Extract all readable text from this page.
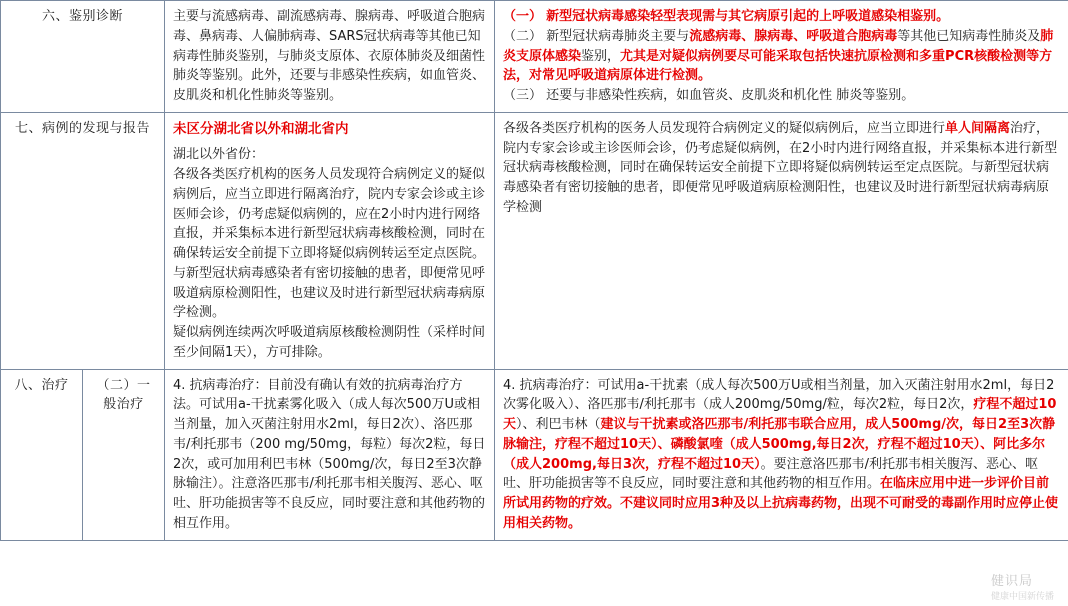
六、鉴别诊断		主要与流感病毒、副流感病毒、腺病毒、呼吸道合胞病毒、鼻病毒、人偏肺病毒、SARS冠状病毒等其他已知病毒性肺炎鉴别，与肺炎支原体、衣原体肺炎及细菌性肺炎等鉴别。此外，还要与非感染性疾病，如血管炎、皮肌炎和机化性肺炎等鉴别。	（一） 新型冠状病毒感染轻型表现需与其它病原引起的上呼吸道感染相鉴别。
（二） 新型冠状病毒肺炎主要与流感病毒、腺病毒、呼吸道合胞病毒等其他已知病毒性肺炎及肺炎支原体感染鉴别，尤其是对疑似病例要尽可能采取包括快速抗原检测和多重PCR核酸检测等方法，对常见呼吸道病原体进行检测。
（三） 还要与非感染性疾病，如血管炎、皮肌炎和机化性 肺炎等鉴别。

七、病例的发现与报告		未区分湖北省以外和湖北省内
湖北以外省份：
各级各类医疗机构的医务人员发现符合病例定义的疑似病例后，应当立即进行隔离治疗，院内专家会诊或主诊医师会诊，仍考虑疑似病例的，应在2小时内进行网络直报，并采集标本进行新型冠状病毒核酸检测，同时在确保转运安全前提下立即将疑似病例转运至定点医院。与新型冠状病毒感染者有密切接触的患者，即便常见呼吸道病原检测阳性，也建议及时进行新型冠状病毒病原学检测。
疑似病例连续两次呼吸道病原核酸检测阴性（采样时间至少间隔1天），方可排除。	各级各类医疗机构的医务人员发现符合病例定义的疑似病例后，应当立即进行单人间隔离治疗，院内专家会诊或主诊医师会诊，仍考虑疑似病例，在2小时内进行网络直报，并采集标本进行新型冠状病毒核酸检测，同时在确保转运安全前提下立即将疑似病例转运至定点医院。与新型冠状病毒感染者有密切接触的患者，即便常见呼吸道病原检测阳性，也建议及时进行新型冠状病毒病原学检测

八、治疗	（二）一般治疗	4. 抗病毒治疗：目前没有确认有效的抗病毒治疗方法。可试用a-干扰素雾化吸入（成人每次500万U或相当剂量，加入灭菌注射用水2ml，每日2次）、洛匹那韦/利托那韦（200 mg/50mg，每粒）每次2粒，每日2次，或可加用利巴韦林（500mg/次，每日2至3次静脉输注）。注意洛匹那韦/利托那韦相关腹泻、恶心、呕吐、肝功能损害等不良反应，同时要注意和其他药物的相互作用。	4. 抗病毒治疗：可试用a-干扰素（成人每次500万U或相当剂量，加入灭菌注射用水2ml，每日2次雾化吸入）、洛匹那韦/利托那韦（成人200mg/50mg/粒，每次2粒，每日2次，疗程不超过10天）、利巴韦林（建议与干扰素或洛匹那韦/利托那韦联合应用，成人500mg/次，每日2至3次静脉输注，疗程不超过10天）、磷酸氯喹（成人500mg,每日2次，疗程不超过10天）、阿比多尔（成人200mg,每日3次，疗程不超过10天）。要注意洛匹那韦/利托那韦相关腹泻、恶心、呕吐、肝功能损害等不良反应，同时要注意和其他药物的相互作用。在临床应用中进一步评价目前所试用药物的疗效。不建议同时应用3种及以上抗病毒药物，出现不可耐受的毒副作用时应停止使用相关药物。
健识局
健康中国新传播
